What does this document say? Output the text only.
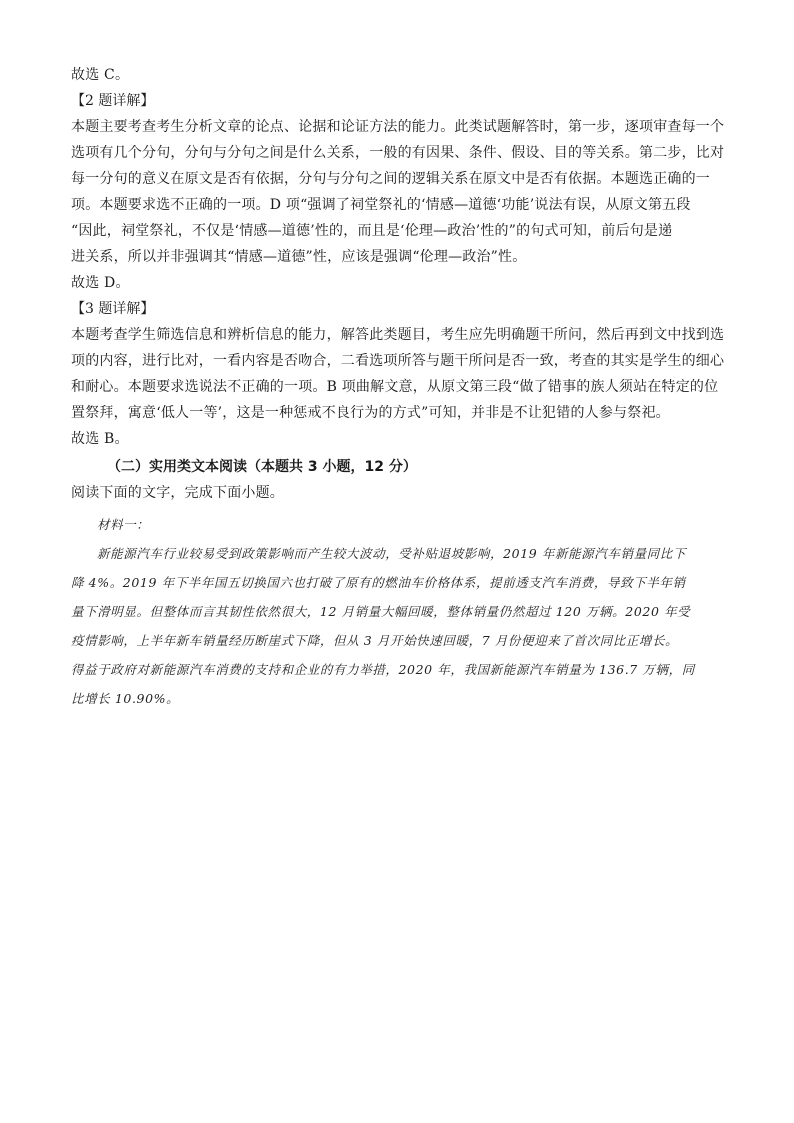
故选 C。
【2 题详解】
本题主要考查考生分析文章的论点、论据和论证方法的能力。此类试题解答时，第一步，逐项审查每一个
选项有几个分句，分句与分句之间是什么关系，一般的有因果、条件、假设、目的等关系。第二步，比对
每一分句的意义在原文是否有依据，分句与分句之间的逻辑关系在原文中是否有依据。本题选正确的一
项。本题要求选不正确的一项。D 项“强调了祠堂祭礼的‘情感—道德‘功能’说法有误，从原文第五段
“因此，祠堂祭礼，不仅是‘情感—道德’性的，而且是‘伦理—政治’性的”的句式可知，前后句是递
进关系，所以并非强调其“情感—道德”性，应该是强调“伦理—政治”性。
故选 D。
【3 题详解】
本题考查学生筛选信息和辨析信息的能力，解答此类题目，考生应先明确题干所问，然后再到文中找到选
项的内容，进行比对，一看内容是否吻合，二看选项所答与题干所问是否一致，考查的其实是学生的细心
和耐心。本题要求选说法不正确的一项。B 项曲解文意，从原文第三段“做了错事的族人须站在特定的位
置祭拜，寓意‘低人一等’，这是一种惩戒不良行为的方式”可知，并非是不让犯错的人参与祭祀。
故选 B。
（二）实用类文本阅读（本题共 3 小题，12 分）
阅读下面的文字，完成下面小题。
材料一：
新能源汽车行业较易受到政策影响而产生较大波动，受补贴退坡影响，2019 年新能源汽车销量同比下
降 4%。2019 年下半年国五切换国六也打破了原有的燃油车价格体系，提前透支汽车消费，导致下半年销
量下滑明显。但整体而言其韧性依然很大，12 月销量大幅回暖，整体销量仍然超过 120 万辆。2020 年受
疫情影响，上半年新车销量经历断崖式下降，但从 3 月开始快速回暖，7 月份便迎来了首次同比正增长。
得益于政府对新能源汽车消费的支持和企业的有力举措，2020 年，我国新能源汽车销量为 136.7 万辆，同
比增长 10.90%。
